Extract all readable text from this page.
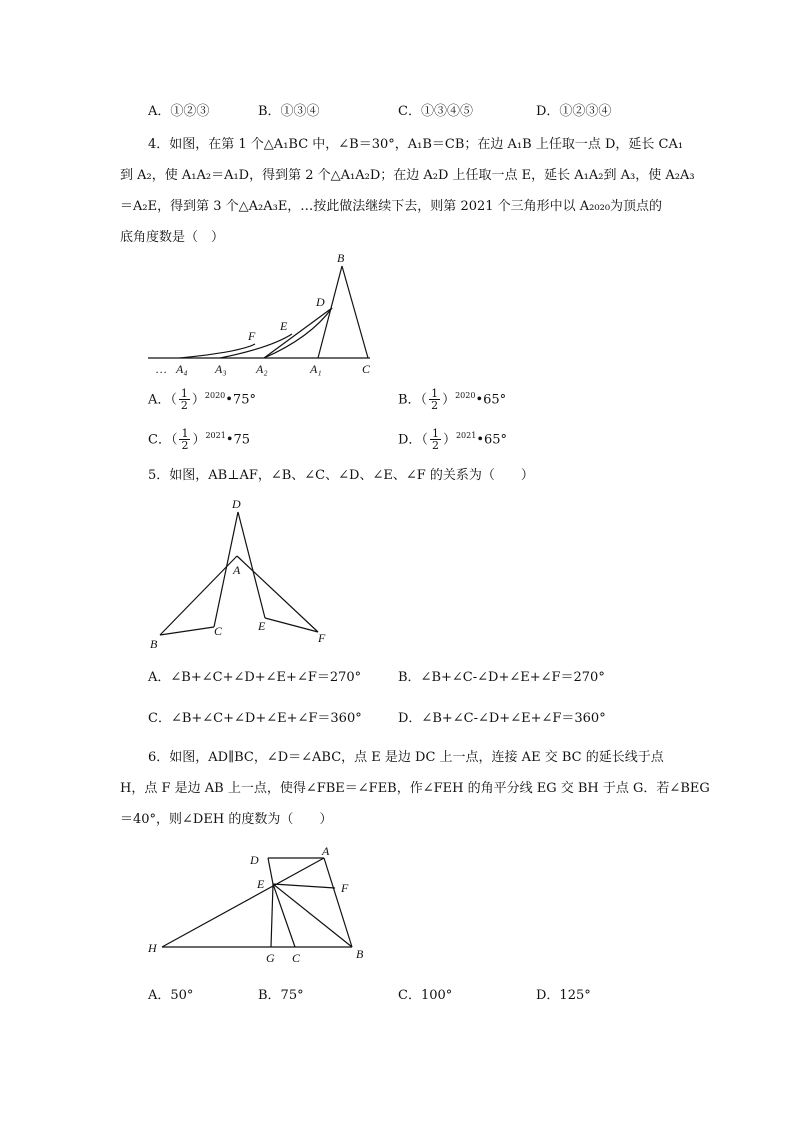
A．①②③	B．①③④	C．①③④⑤	D．①②③④
4．如图，在第 1 个△A₁BC 中，∠B＝30°，A₁B＝CB；在边 A₁B 上任取一点 D，延长 CA₁
到 A₂，使 A₁A₂＝A₁D，得到第 2 个△A₁A₂D；在边 A₂D 上任取一点 E，延长 A₁A₂到 A₃，使 A₂A₃
＝A₂E，得到第 3 个△A₂A₃E，…按此做法继续下去，则第 2021 个三角形中以 A₂₀₂₀为顶点的
底角度数是（　）
B
D
E
F
… A₄ A₃ A₂	A₁	C
A．（ $\frac{1}{2}$ ）$^{2020}$•75°	B．（ $\frac{1}{2}$ ）$^{2020}$•65°
C．（ $\frac{1}{2}$ ）$^{2021}$•75	D．（ $\frac{1}{2}$ ）$^{2021}$•65°
5．如图，AB⊥AF，∠B、∠C、∠D、∠E、∠F 的关系为（　　）
D
A
B
C	E
F
A．∠B+∠C+∠D+∠E+∠F＝270°	B．∠B+∠C-∠D+∠E+∠F＝270°
C．∠B+∠C+∠D+∠E+∠F＝360°	D．∠B+∠C-∠D+∠E+∠F＝360°
6．如图，AD∥BC，∠D＝∠ABC，点 E 是边 DC 上一点，连接 AE 交 BC 的延长线于点
H，点 F 是边 AB 上一点，使得∠FBE＝∠FEB，作∠FEH 的角平分线 EG 交 BH 于点 G．若∠BEG
＝40°，则∠DEH 的度数为（　　）
D
A
E	F
H
G C	B
A．50°	B．75°	C．100°	D．125°
